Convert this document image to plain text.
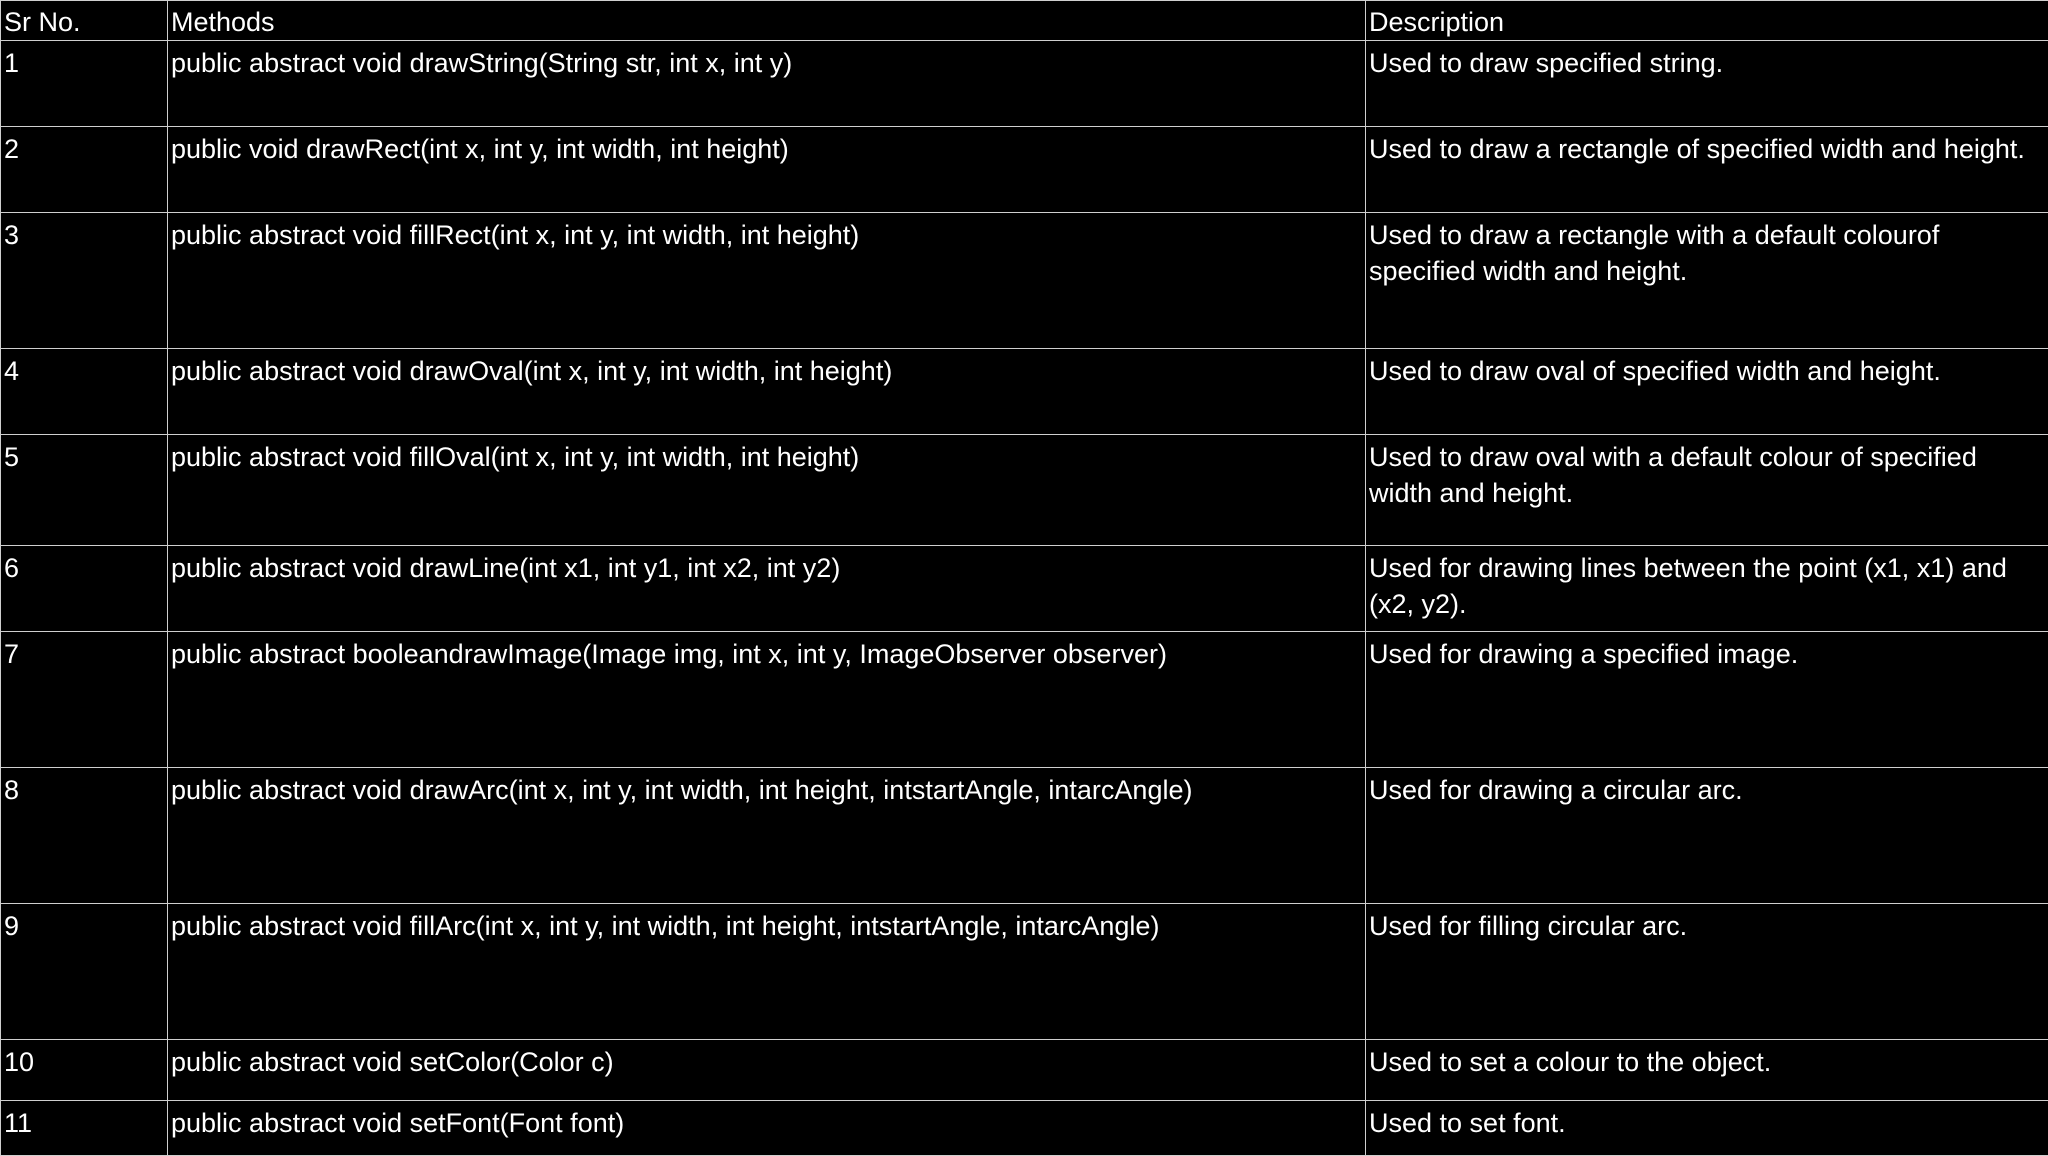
Sr No.	Methods	Description
1	public abstract void drawString(String str, int x, int y)	Used to draw specified string.
2	public void drawRect(int x, int y, int width, int height)	Used to draw a rectangle of specified width and height.
3	public abstract void fillRect(int x, int y, int width, int height)	Used to draw a rectangle with a default colourof specified width and height.
4	public abstract void drawOval(int x, int y, int width, int height)	Used to draw oval of specified width and height.
5	public abstract void fillOval(int x, int y, int width, int height)	Used to draw oval with a default colour of specified width and height.
6	public abstract void drawLine(int x1, int y1, int x2, int y2)	Used for drawing lines between the point (x1, x1) and (x2, y2).
7	public abstract booleandrawImage(Image img, int x, int y, ImageObserver observer)	Used for drawing a specified image.
8	public abstract void drawArc(int x, int y, int width, int height, intstartAngle, intarcAngle)	Used for drawing a circular arc.
9	public abstract void fillArc(int x, int y, int width, int height, intstartAngle, intarcAngle)	Used for filling circular arc.
10	public abstract void setColor(Color c)	Used to set a colour to the object.
11	public abstract void setFont(Font font)	Used to set font.
